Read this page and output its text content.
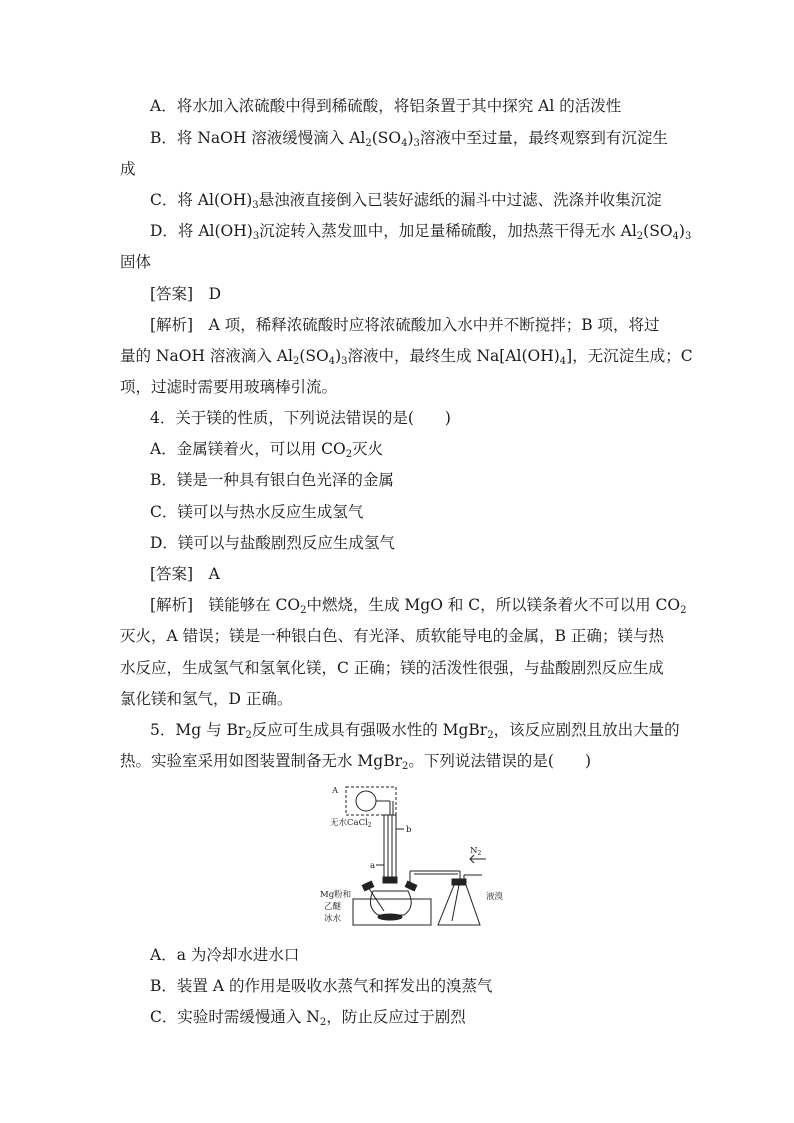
A．将水加入浓硫酸中得到稀硫酸，将铝条置于其中探究 Al 的活泼性
B．将 NaOH 溶液缓慢滴入 $Al_2(SO_4)_3$溶液中至过量，最终观察到有沉淀生
成
C．将 $Al(OH)_3$悬浊液直接倒入已装好滤纸的漏斗中过滤、洗涤并收集沉淀
D．将 $Al(OH)_3$沉淀转入蒸发皿中，加足量稀硫酸，加热蒸干得无水 $Al_2(SO_4)_3$
固体
[答案]　 D
[解析]　A 项，稀释浓硫酸时应将浓硫酸加入水中并不断搅拌；B 项，将过
量的 NaOH 溶液滴入 $Al_2(SO_4)_3$溶液中，最终生成 $Na[Al(OH)_4]$，无沉淀生成；C
项，过滤时需要用玻璃棒引流。
4．关于镁的性质，下列说法错误的是(　　)
A．金属镁着火，可以用 $CO_2$灭火
B．镁是一种具有银白色光泽的金属
C．镁可以与热水反应生成氢气
D．镁可以与盐酸剧烈反应生成氢气
[答案]　 A
[解析]　镁能够在 $CO_2$中燃烧，生成 MgO 和 C，所以镁条着火不可以用 $CO_2$
灭火，A 错误；镁是一种银白色、有光泽、质软能导电的金属，B 正确；镁与热
水反应，生成氢气和氢氧化镁，C 正确；镁的活泼性很强，与盐酸剧烈反应生成
氯化镁和氢气，D 正确。
5．Mg 与 $Br_2$反应可生成具有强吸水性的 MgBr$_2$，该反应剧烈且放出大量的
热。实验室采用如图装置制备无水 MgBr$_2$。下列说法错误的是(　　)
A
无水CaCl$_2$	b
a
$N_2$
Mg粉和
乙醚
冰水
液溴
A．a 为冷却水进水口
B．装置 A 的作用是吸收水蒸气和挥发出的溴蒸气
C．实验时需缓慢通入 $N_2$，防止反应过于剧烈
